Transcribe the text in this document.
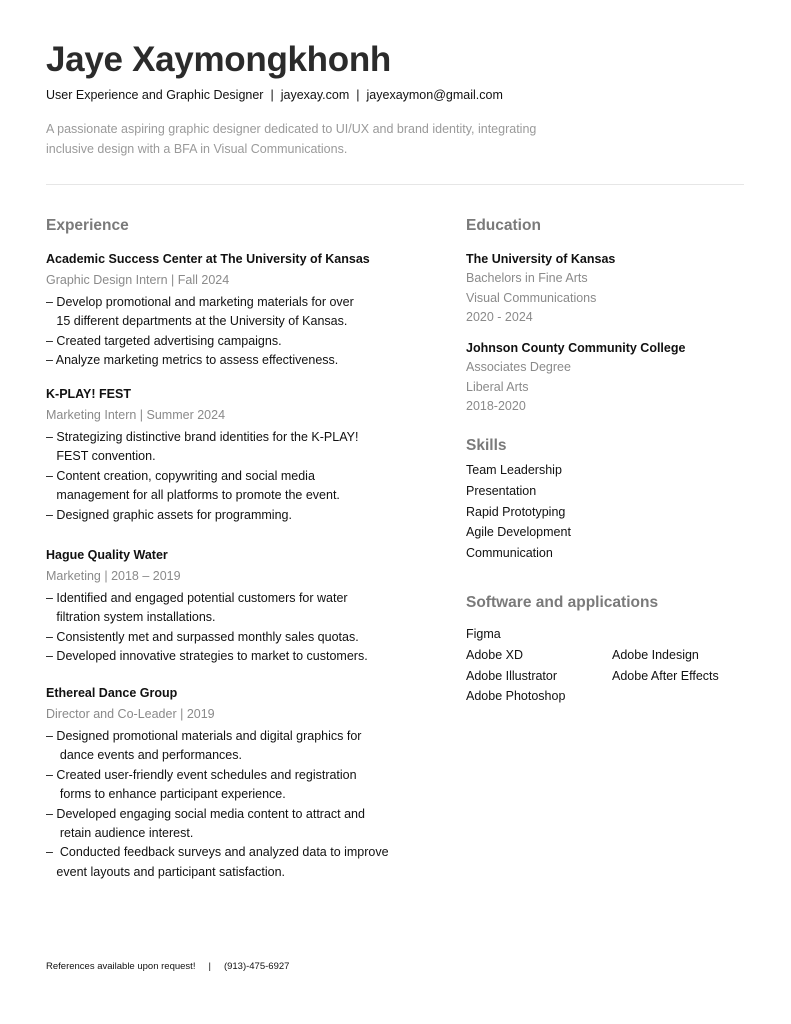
Jaye Xaymongkhonh
User Experience and Graphic Designer | jayexay.com | jayexaymon@gmail.com
A passionate aspiring graphic designer dedicated to UI/UX and brand identity, integrating inclusive design with a BFA in Visual Communications.
Experience
Academic Success Center at The University of Kansas
Graphic Design Intern | Fall 2024
– Develop promotional and marketing materials for over
15 different departments at the University of Kansas.
– Created targeted advertising campaigns.
– Analyze marketing metrics to assess effectiveness.
K-PLAY! FEST
Marketing Intern | Summer 2024
– Strategizing distinctive brand identities for the K-PLAY!
FEST convention.
– Content creation, copywriting and social media
management for all platforms to promote the event.
– Designed graphic assets for programming.
Hague Quality Water
Marketing | 2018 – 2019
– Identified and engaged potential customers for water
filtration system installations.
– Consistently met and surpassed monthly sales quotas.
– Developed innovative strategies to market to customers.
Ethereal Dance Group
Director and Co-Leader | 2019
– Designed promotional materials and digital graphics for
dance events and performances.
– Created user-friendly event schedules and registration
forms to enhance participant experience.
– Developed engaging social media content to attract and
retain audience interest.
–  Conducted feedback surveys and analyzed data to improve
event layouts and participant satisfaction.
Education
The University of Kansas
Bachelors in Fine Arts
Visual Communications
2020 - 2024
Johnson County Community College
Associates Degree
Liberal Arts
2018-2020
Skills
Team Leadership
Presentation
Rapid Prototyping
Agile Development
Communication
Software and applications
Figma
Adobe XD
Adobe Illustrator
Adobe Photoshop
Adobe Indesign
Adobe After Effects
References available upon request! | (913)-475-6927
